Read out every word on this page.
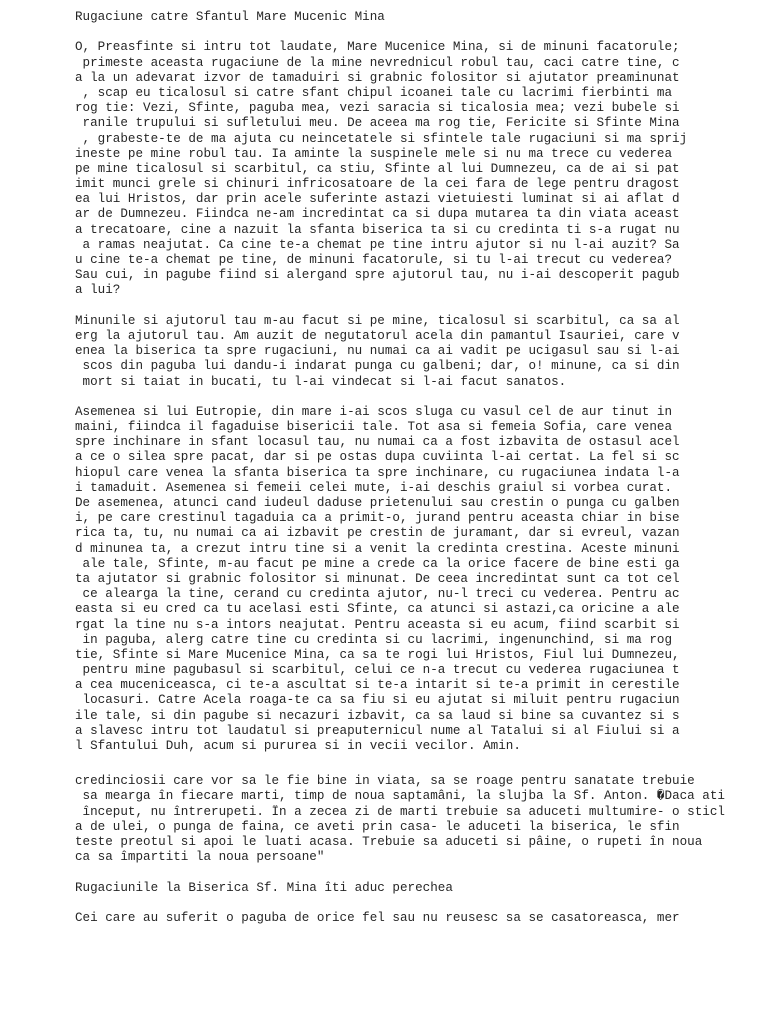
Rugaciune catre Sfantul Mare Mucenic Mina
O, Preasfinte si intru tot laudate, Mare Mucenice Mina, si de minuni facatorule;
primeste aceasta rugaciune de la mine nevrednicul robul tau, caci catre tine, c
a la un adevarat izvor de tamaduiri si grabnic folositor si ajutator preaminunat
, scap eu ticalosul si catre sfant chipul icoanei tale cu lacrimi fierbinti ma
rog tie: Vezi, Sfinte, paguba mea, vezi saracia si ticalosia mea; vezi bubele si
ranile trupului si sufletului meu. De aceea ma rog tie, Fericite si Sfinte Mina
, grabeste-te de ma ajuta cu neincetatele si sfintele tale rugaciuni si ma sprij
ineste pe mine robul tau. Ia aminte la suspinele mele si nu ma trece cu vederea
pe mine ticalosul si scarbitul, ca stiu, Sfinte al lui Dumnezeu, ca de ai si pat
imit munci grele si chinuri infricosatoare de la cei fara de lege pentru dragost
ea lui Hristos, dar prin acele suferinte astazi vietuiesti luminat si ai aflat d
ar de Dumnezeu. Fiindca ne-am incredintat ca si dupa mutarea ta din viata aceast
a trecatoare, cine a nazuit la sfanta biserica ta si cu credinta ti s-a rugat nu
a ramas neajutat. Ca cine te-a chemat pe tine intru ajutor si nu l-ai auzit? Sa
u cine te-a chemat pe tine, de minuni facatorule, si tu l-ai trecut cu vederea?
Sau cui, in pagube fiind si alergand spre ajutorul tau, nu i-ai descoperit pagub
a lui?
Minunile si ajutorul tau m-au facut si pe mine, ticalosul si scarbitul, ca sa al
erg la ajutorul tau. Am auzit de negutatorul acela din pamantul Isauriei, care v
enea la biserica ta spre rugaciuni, nu numai ca ai vadit pe ucigasul sau si l-ai
scos din paguba lui dandu-i indarat punga cu galbeni; dar, o! minune, ca si din
mort si taiat in bucati, tu l-ai vindecat si l-ai facut sanatos.
Asemenea si lui Eutropie, din mare i-ai scos sluga cu vasul cel de aur tinut in
maini, fiindca il fagaduise bisericii tale. Tot asa si femeia Sofia, care venea
spre inchinare in sfant locasul tau, nu numai ca a fost izbavita de ostasul acel
a ce o silea spre pacat, dar si pe ostas dupa cuviinta l-ai certat. La fel si sc
hiopul care venea la sfanta biserica ta spre inchinare, cu rugaciunea indata l-a
i tamaduit. Asemenea si femeii celei mute, i-ai deschis graiul si vorbea curat.
De asemenea, atunci cand iudeul daduse prietenului sau crestin o punga cu galben
i, pe care crestinul tagaduia ca a primit-o, jurand pentru aceasta chiar in bise
rica ta, tu, nu numai ca ai izbavit pe crestin de juramant, dar si evreul, vazan
d minunea ta, a crezut intru tine si a venit la credinta crestina. Aceste minuni
ale tale, Sfinte, m-au facut pe mine a crede ca la orice facere de bine esti ga
ta ajutator si grabnic folositor si minunat. De ceea incredintat sunt ca tot cel
ce alearga la tine, cerand cu credinta ajutor, nu-l treci cu vederea. Pentru ac
easta si eu cred ca tu acelasi esti Sfinte, ca atunci si astazi,ca oricine a ale
rgat la tine nu s-a intors neajutat. Pentru aceasta si eu acum, fiind scarbit si
in paguba, alerg catre tine cu credinta si cu lacrimi, ingenunchind, si ma rog
tie, Sfinte si Mare Mucenice Mina, ca sa te rogi lui Hristos, Fiul lui Dumnezeu,
pentru mine pagubasul si scarbitul, celui ce n-a trecut cu vederea rugaciunea t
a cea muceniceasca, ci te-a ascultat si te-a intarit si te-a primit in cerestile
locasuri. Catre Acela roaga-te ca sa fiu si eu ajutat si miluit pentru rugaciun
ile tale, si din pagube si necazuri izbavit, ca sa laud si bine sa cuvantez si s
a slavesc intru tot laudatul si preaputernicul nume al Tatalui si al Fiului si a
l Sfantului Duh, acum si pururea si in vecii vecilor. Amin.
credinciosii care vor sa le fie bine in viata, sa se roage pentru sanatate trebuie
sa mearga în fiecare marti, timp de noua saptamâni, la slujba la Sf. Anton. �Daca ati
început, nu întrerupeti. În a zecea zi de marti trebuie sa aduceti multumire- o sticl
a de ulei, o punga de faina, ce aveti prin casa- le aduceti la biserica, le sfin
teste preotul si apoi le luati acasa. Trebuie sa aduceti si pâine, o rupeti în noua
ca sa împartiti la noua persoane"
Rugaciunile la Biserica Sf. Mina îti aduc perechea
Cei care au suferit o paguba de orice fel sau nu reusesc sa se casatoreasca, mer
